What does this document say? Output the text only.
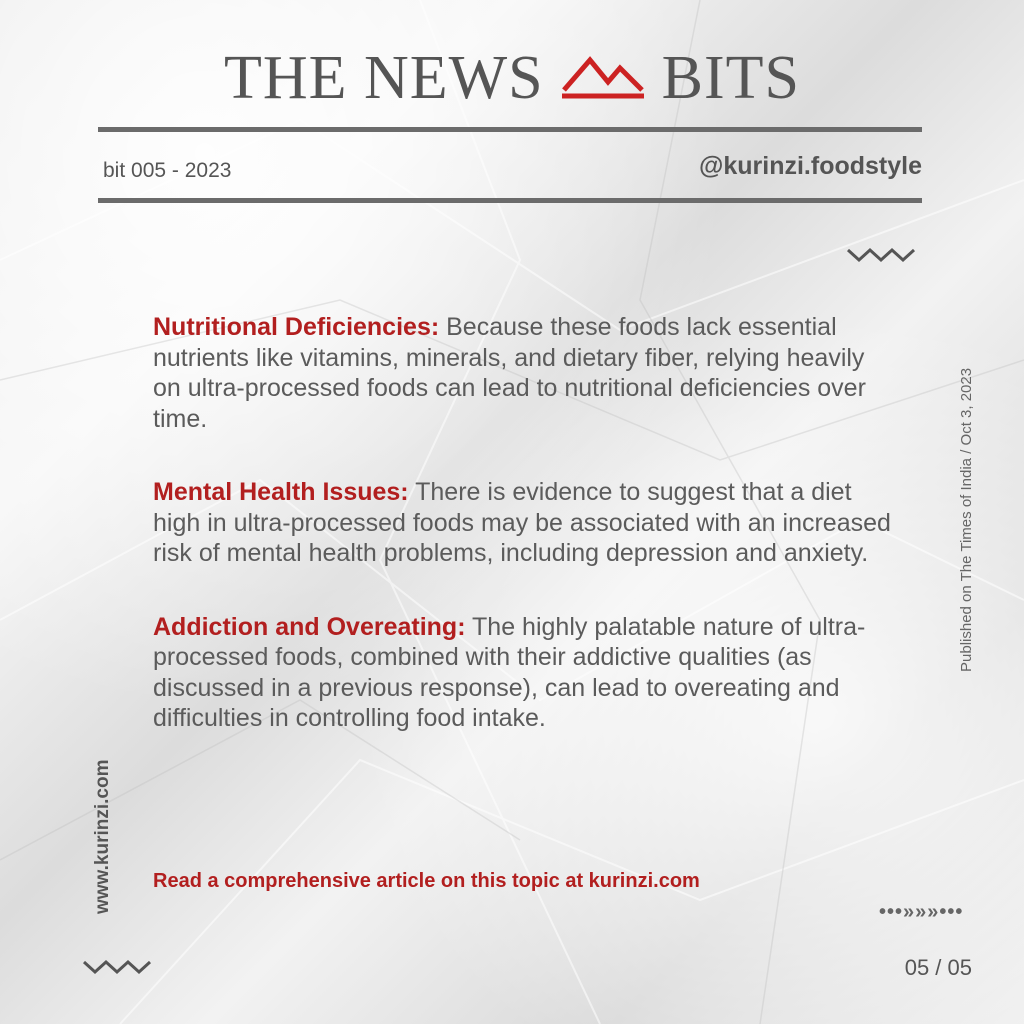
THE NEWS BITS
bit 005 - 2023	@kurinzi.foodstyle

Nutritional Deficiencies: Because these foods lack essential nutrients like vitamins, minerals, and dietary fiber, relying heavily on ultra-processed foods can lead to nutritional deficiencies over time.

Mental Health Issues: There is evidence to suggest that a diet high in ultra-processed foods may be associated with an increased risk of mental health problems, including depression and anxiety.

Addiction and Overeating: The highly palatable nature of ultra-processed foods, combined with their addictive qualities (as discussed in a previous response), can lead to overeating and difficulties in controlling food intake.

Read a comprehensive article on this topic at kurinzi.com
www.kurinzi.com
Published on The Times of India / Oct 3, 2023
•••»»»•••
05 / 05
